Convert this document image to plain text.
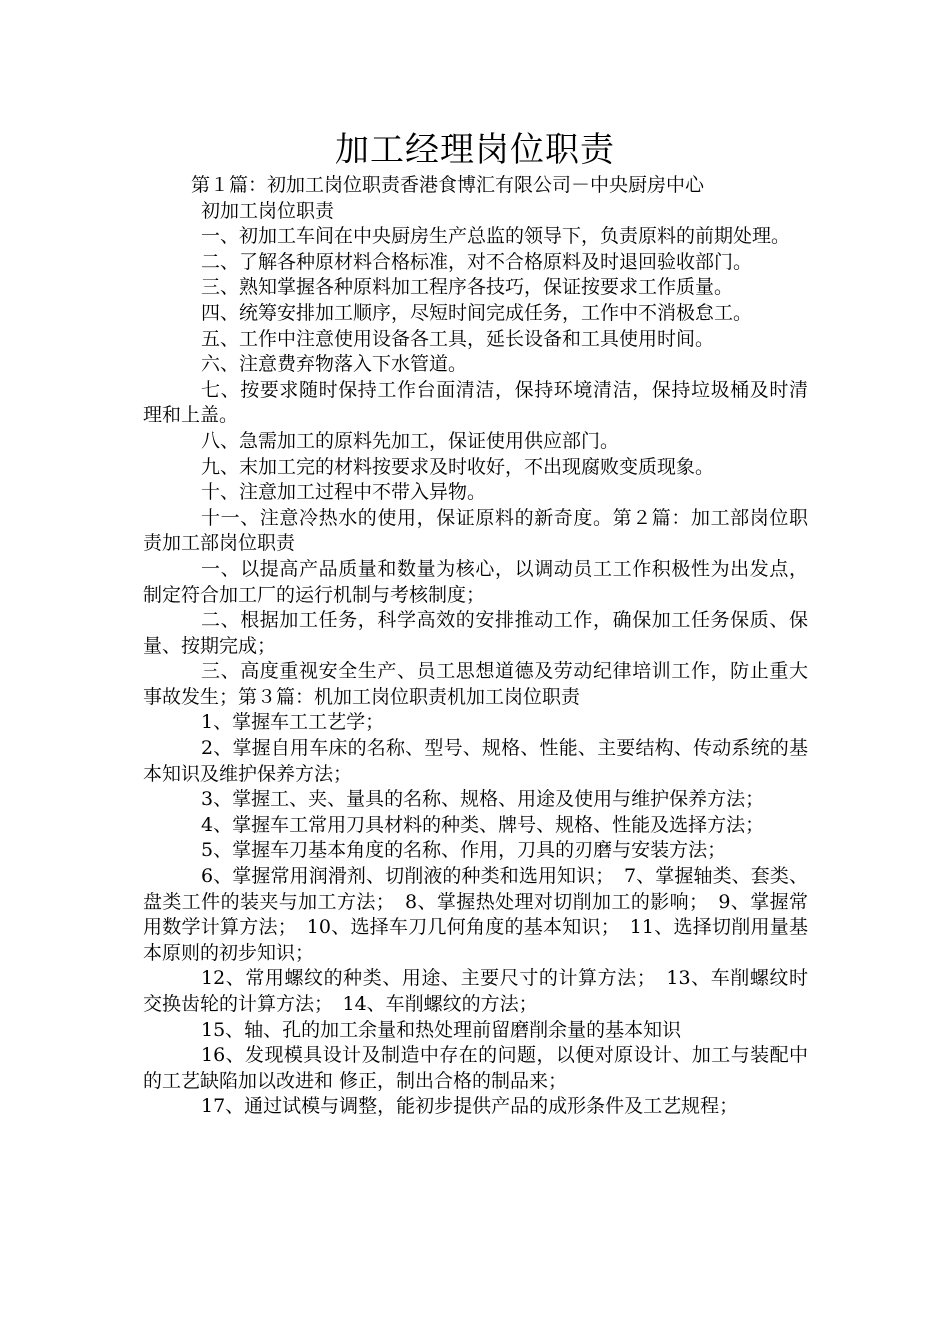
加工经理岗位职责

第１篇：初加工岗位职责香港食博汇有限公司－中央厨房中心

初加工岗位职责

一、初加工车间在中央厨房生产总监的领导下，负责原料的前期处理。

二、了解各种原材料合格标准，对不合格原料及时退回验收部门。

三、熟知掌握各种原料加工程序各技巧，保证按要求工作质量。

四、统筹安排加工顺序，尽短时间完成任务，工作中不消极怠工。

五、工作中注意使用设备各工具，延长设备和工具使用时间。

六、注意费弃物落入下水管道。

七、按要求随时保持工作台面清洁，保持环境清洁，保持垃圾桶及时清理和上盖。

八、急需加工的原料先加工，保证使用供应部门。

九、末加工完的材料按要求及时收好，不出现腐败变质现象。

十、注意加工过程中不带入异物。

十一、注意冷热水的使用，保证原料的新奇度。第２篇：加工部岗位职责加工部岗位职责

一、以提高产品质量和数量为核心，以调动员工工作积极性为出发点，制定符合加工厂的运行机制与考核制度；

二、根据加工任务，科学高效的安排推动工作，确保加工任务保质、保量、按期完成；

三、高度重视安全生产、员工思想道德及劳动纪律培训工作，防止重大事故发生；第３篇：机加工岗位职责机加工岗位职责

1、掌握车工工艺学；

2、掌握自用车床的名称、型号、规格、性能、主要结构、传动系统的基本知识及维护保养方法；

3、掌握工、夹、量具的名称、规格、用途及使用与维护保养方法；

4、掌握车工常用刀具材料的种类、牌号、规格、性能及选择方法；

5、掌握车刀基本角度的名称、作用，刀具的刃磨与安装方法；

6、掌握常用润滑剂、切削液的种类和选用知识；　7、掌握轴类、套类、盘类工件的装夹与加工方法；　8、掌握热处理对切削加工的影响；　9、掌握常用数学计算方法；　10、选择车刀几何角度的基本知识；　11、选择切削用量基本原则的初步知识；

12、常用螺纹的种类、用途、主要尺寸的计算方法；　13、车削螺纹时交换齿轮的计算方法；　14、车削螺纹的方法；

15、轴、孔的加工余量和热处理前留磨削余量的基本知识

16、发现模具设计及制造中存在的问题，以便对原设计、加工与装配中的工艺缺陷加以改进和 修正，制出合格的制品来；

17、通过试模与调整，能初步提供产品的成形条件及工艺规程；
